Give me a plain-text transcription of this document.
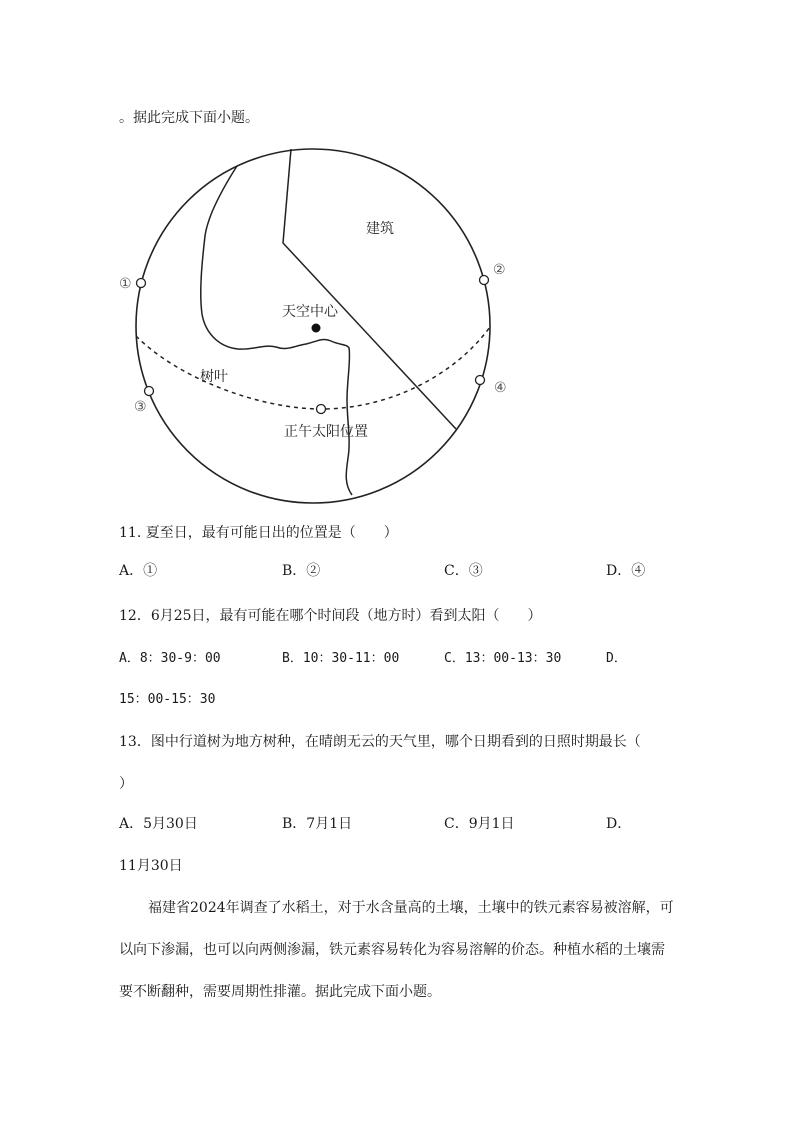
。据此完成下面小题。
建筑
天空中心
树叶
正午太阳位置
①
②
③
④
11. 夏至日，最有可能日出的位置是（　　）
A．①	B．②	C．③	D．④
12．6月25日，最有可能在哪个时间段（地方时）看到太阳（　　）
A．8：30-9：00	B．10：30-11：00	C．13：00-13：30	D．
15：00-15：30
13．图中行道树为地方树种，在晴朗无云的天气里，哪个日期看到的日照时期最长（
）
A．5月30日	B．7月1日	C．9月1日	D．
11月30日
福建省2024年调查了水稻土，对于水含量高的土壤，土壤中的铁元素容易被溶解，可
以向下渗漏，也可以向两侧渗漏，铁元素容易转化为容易溶解的价态。种植水稻的土壤需
要不断翻种，需要周期性排灌。据此完成下面小题。
